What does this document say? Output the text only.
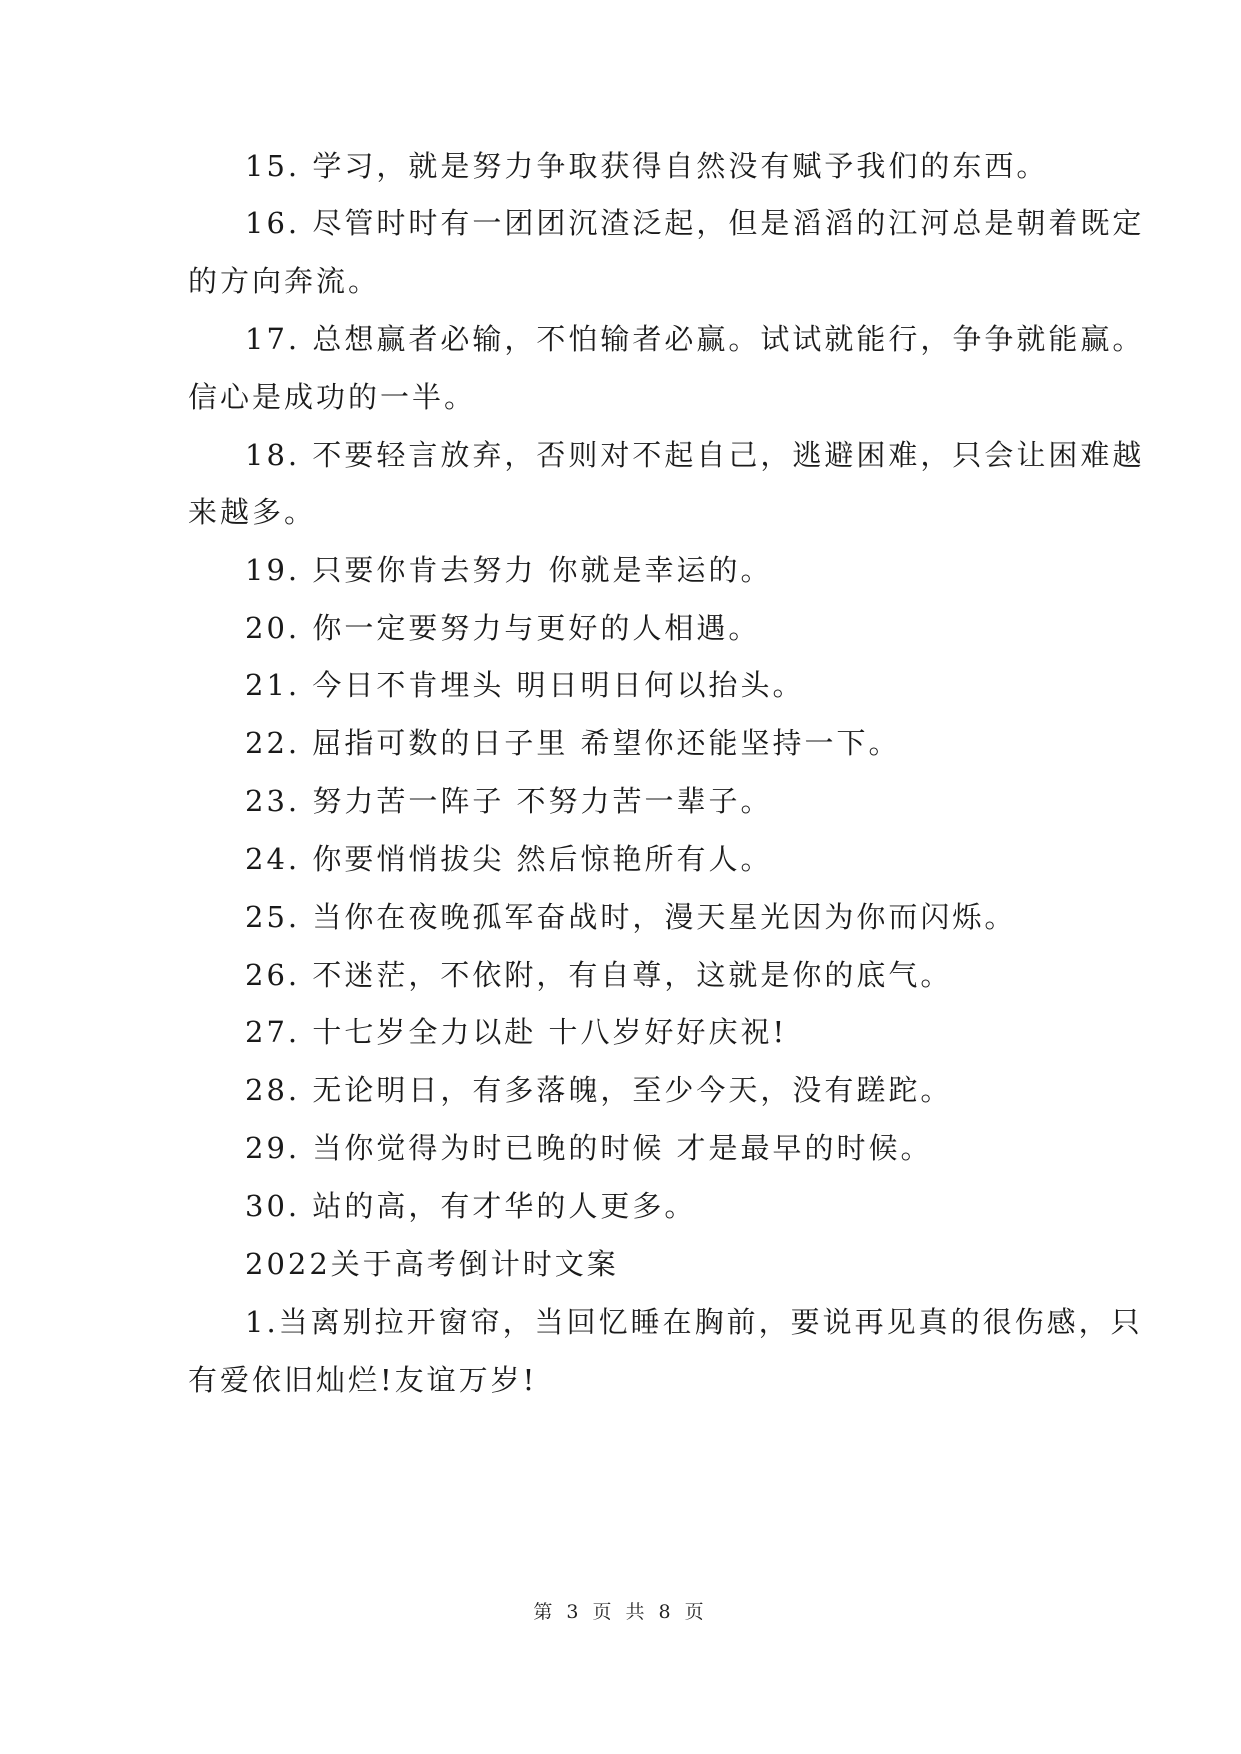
15. 学习，就是努力争取获得自然没有赋予我们的东西。
16. 尽管时时有一团团沉渣泛起，但是滔滔的江河总是朝着既定
的方向奔流。
17. 总想赢者必输，不怕输者必赢。试试就能行，争争就能赢。
信心是成功的一半。
18. 不要轻言放弃，否则对不起自己，逃避困难，只会让困难越
来越多。
19. 只要你肯去努力 你就是幸运的。
20. 你一定要努力与更好的人相遇。
21. 今日不肯埋头 明日明日何以抬头。
22. 屈指可数的日子里 希望你还能坚持一下。
23. 努力苦一阵子 不努力苦一辈子。
24. 你要悄悄拔尖 然后惊艳所有人。
25. 当你在夜晚孤军奋战时，漫天星光因为你而闪烁。
26. 不迷茫，不依附，有自尊，这就是你的底气。
27. 十七岁全力以赴 十八岁好好庆祝!
28. 无论明日，有多落魄，至少今天，没有蹉跎。
29. 当你觉得为时已晚的时候 才是最早的时候。
30. 站的高，有才华的人更多。
2022关于高考倒计时文案
1.当离别拉开窗帘，当回忆睡在胸前，要说再见真的很伤感，只
有爱依旧灿烂!友谊万岁!
第 3 页 共 8 页
